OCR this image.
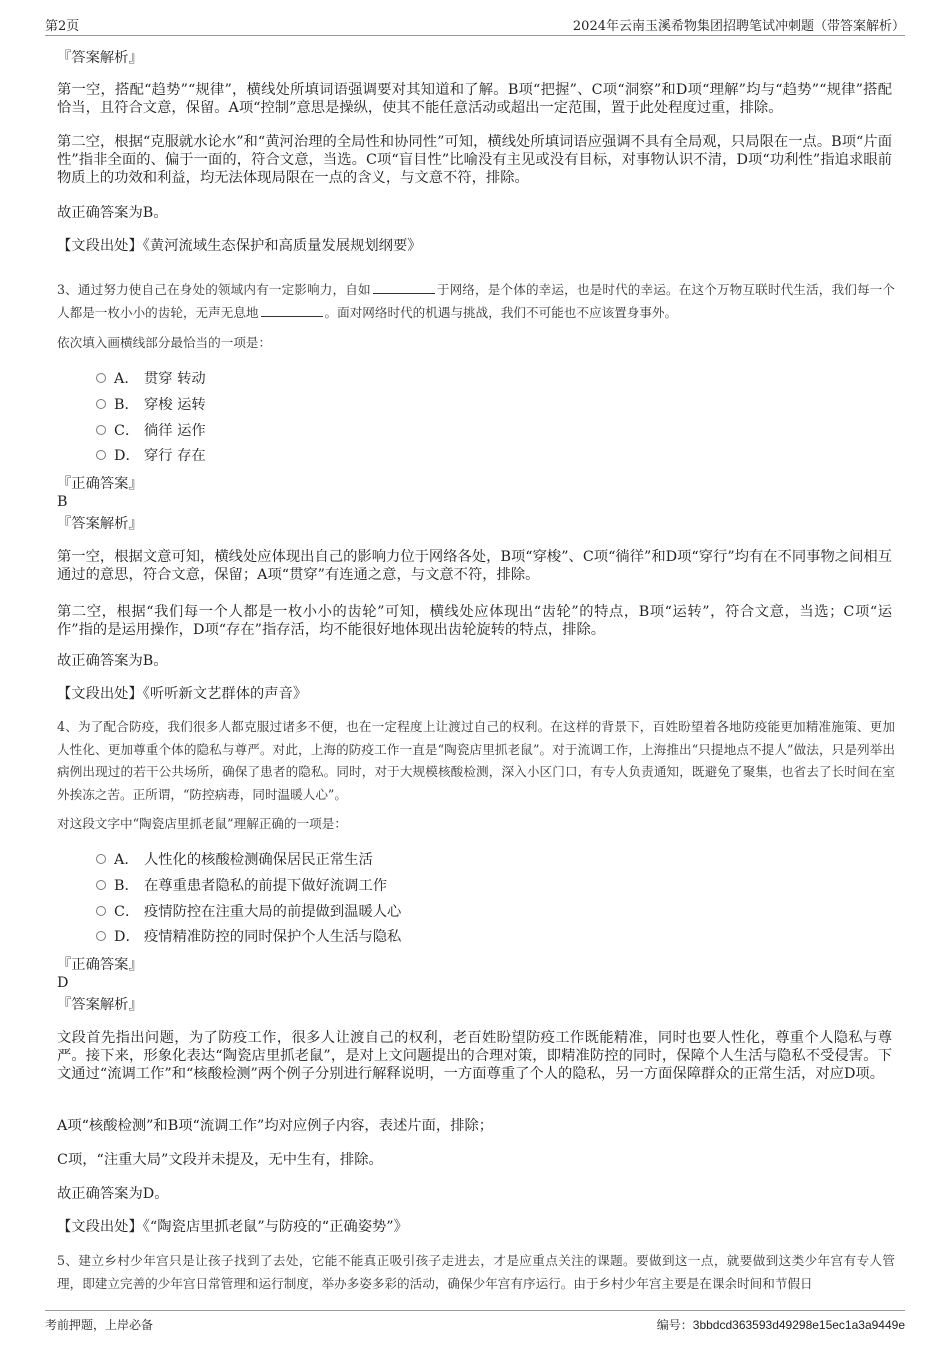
第2页	2024年云南玉溪希物集团招聘笔试冲刺题（带答案解析）
『答案解析』
第一空，搭配“趋势”“规律”，横线处所填词语强调要对其知道和了解。B项“把握”、C项“洞察”和D项“理解”均与“趋势”“规律”搭配恰当，且符合文意，保留。A项“控制”意思是操纵，使其不能任意活动或超出一定范围，置于此处程度过重，排除。
第二空，根据“克服就水论水”和“黄河治理的全局性和协同性”可知，横线处所填词语应强调不具有全局观，只局限在一点。B项“片面性”指非全面的、偏于一面的，符合文意，当选。C项“盲目性”比喻没有主见或没有目标，对事物认识不清，D项“功利性”指追求眼前物质上的功效和利益，均无法体现局限在一点的含义，与文意不符，排除。
故正确答案为B。
【文段出处】《黄河流域生态保护和高质量发展规划纲要》
3、通过努力使自己在身处的领域内有一定影响力，自如	于网络，是个体的幸运，也是时代的幸运。在这个万物互联时代生活，我们每一个人都是一枚小小的齿轮，无声无息地	。面对网络时代的机遇与挑战，我们不可能也不应该置身事外。
依次填入画横线部分最恰当的一项是：
A． 贯穿 转动
B． 穿梭 运转
C． 徜徉 运作
D． 穿行 存在
『正确答案』
B
『答案解析』
第一空，根据文意可知，横线处应体现出自己的影响力位于网络各处，B项“穿梭”、C项“徜徉”和D项“穿行”均有在不同事物之间相互通过的意思，符合文意，保留；A项“贯穿”有连通之意，与文意不符，排除。
第二空，根据“我们每一个人都是一枚小小的齿轮”可知，横线处应体现出“齿轮”的特点，B项“运转”，符合文意，当选；C项“运作”指的是运用操作，D项“存在”指存活，均不能很好地体现出齿轮旋转的特点，排除。
故正确答案为B。
【文段出处】《听听新文艺群体的声音》
4、为了配合防疫，我们很多人都克服过诸多不便，也在一定程度上让渡过自己的权利。在这样的背景下，百姓盼望着各地防疫能更加精准施策、更加人性化、更加尊重个体的隐私与尊严。对此，上海的防疫工作一直是“陶瓷店里抓老鼠”。对于流调工作，上海推出“只提地点不提人”做法，只是列举出病例出现过的若干公共场所，确保了患者的隐私。同时，对于大规模核酸检测，深入小区门口，有专人负责通知，既避免了聚集，也省去了长时间在室外挨冻之苦。正所谓，“防控病毒，同时温暖人心”。
对这段文字中“陶瓷店里抓老鼠”理解正确的一项是：
A． 人性化的核酸检测确保居民正常生活
B． 在尊重患者隐私的前提下做好流调工作
C． 疫情防控在注重大局的前提做到温暖人心
D． 疫情精准防控的同时保护个人生活与隐私
『正确答案』
D
『答案解析』
文段首先指出问题，为了防疫工作，很多人让渡自己的权利，老百姓盼望防疫工作既能精准，同时也要人性化，尊重个人隐私与尊严。接下来，形象化表达“陶瓷店里抓老鼠”，是对上文问题提出的合理对策，即精准防控的同时，保障个人生活与隐私不受侵害。下文通过“流调工作”和“核酸检测”两个例子分别进行解释说明，一方面尊重了个人的隐私，另一方面保障群众的正常生活，对应D项。
A项“核酸检测”和B项“流调工作”均对应例子内容，表述片面，排除；
C项，“注重大局”文段并未提及，无中生有，排除。
故正确答案为D。
【文段出处】《“陶瓷店里抓老鼠”与防疫的“正确姿势”》
5、建立乡村少年宫只是让孩子找到了去处，它能不能真正吸引孩子走进去，才是应重点关注的课题。要做到这一点，就要做到这类少年宫有专人管理，即建立完善的少年宫日常管理和运行制度，举办多姿多彩的活动，确保少年宫有序运行。由于乡村少年宫主要是在课余时间和节假日
考前押题，上岸必备	编号：3bbdcd363593d49298e15ec1a3a9449e
